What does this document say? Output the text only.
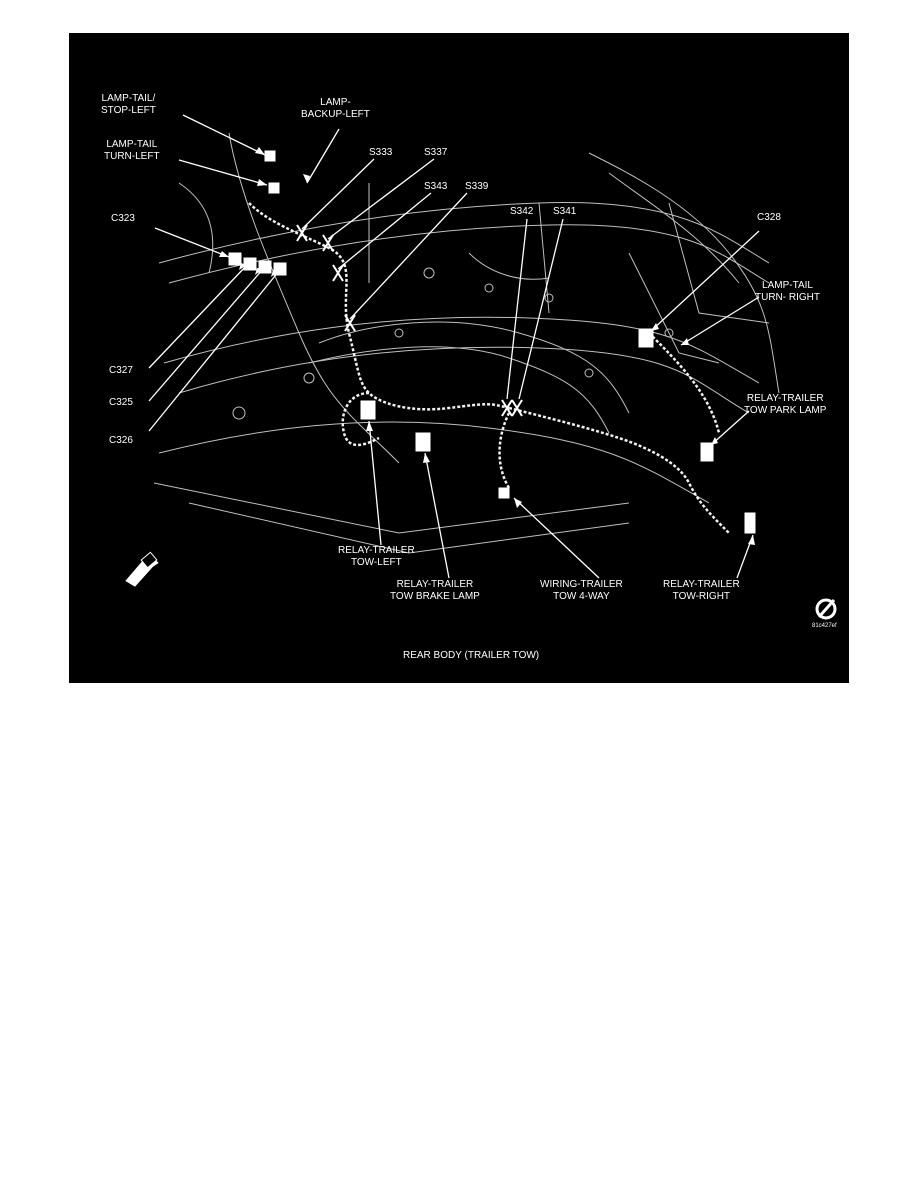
LAMP-TAIL/
STOP-LEFT
LAMP-TAIL
TURN-LEFT
LAMP-
BACKUP-LEFT
S333	S337
S343 S339
S342 S341
C328
C323
C327
C325
C326
LAMP-TAIL
TURN- RIGHT
RELAY-TRAILER
TOW PARK LAMP
RELAY-TRAILER
TOW-LEFT
RELAY-TRAILER
TOW BRAKE LAMP
WIRING-TRAILER
TOW 4-WAY
RELAY-TRAILER
TOW-RIGHT
81c427ef
REAR BODY (TRAILER TOW)
